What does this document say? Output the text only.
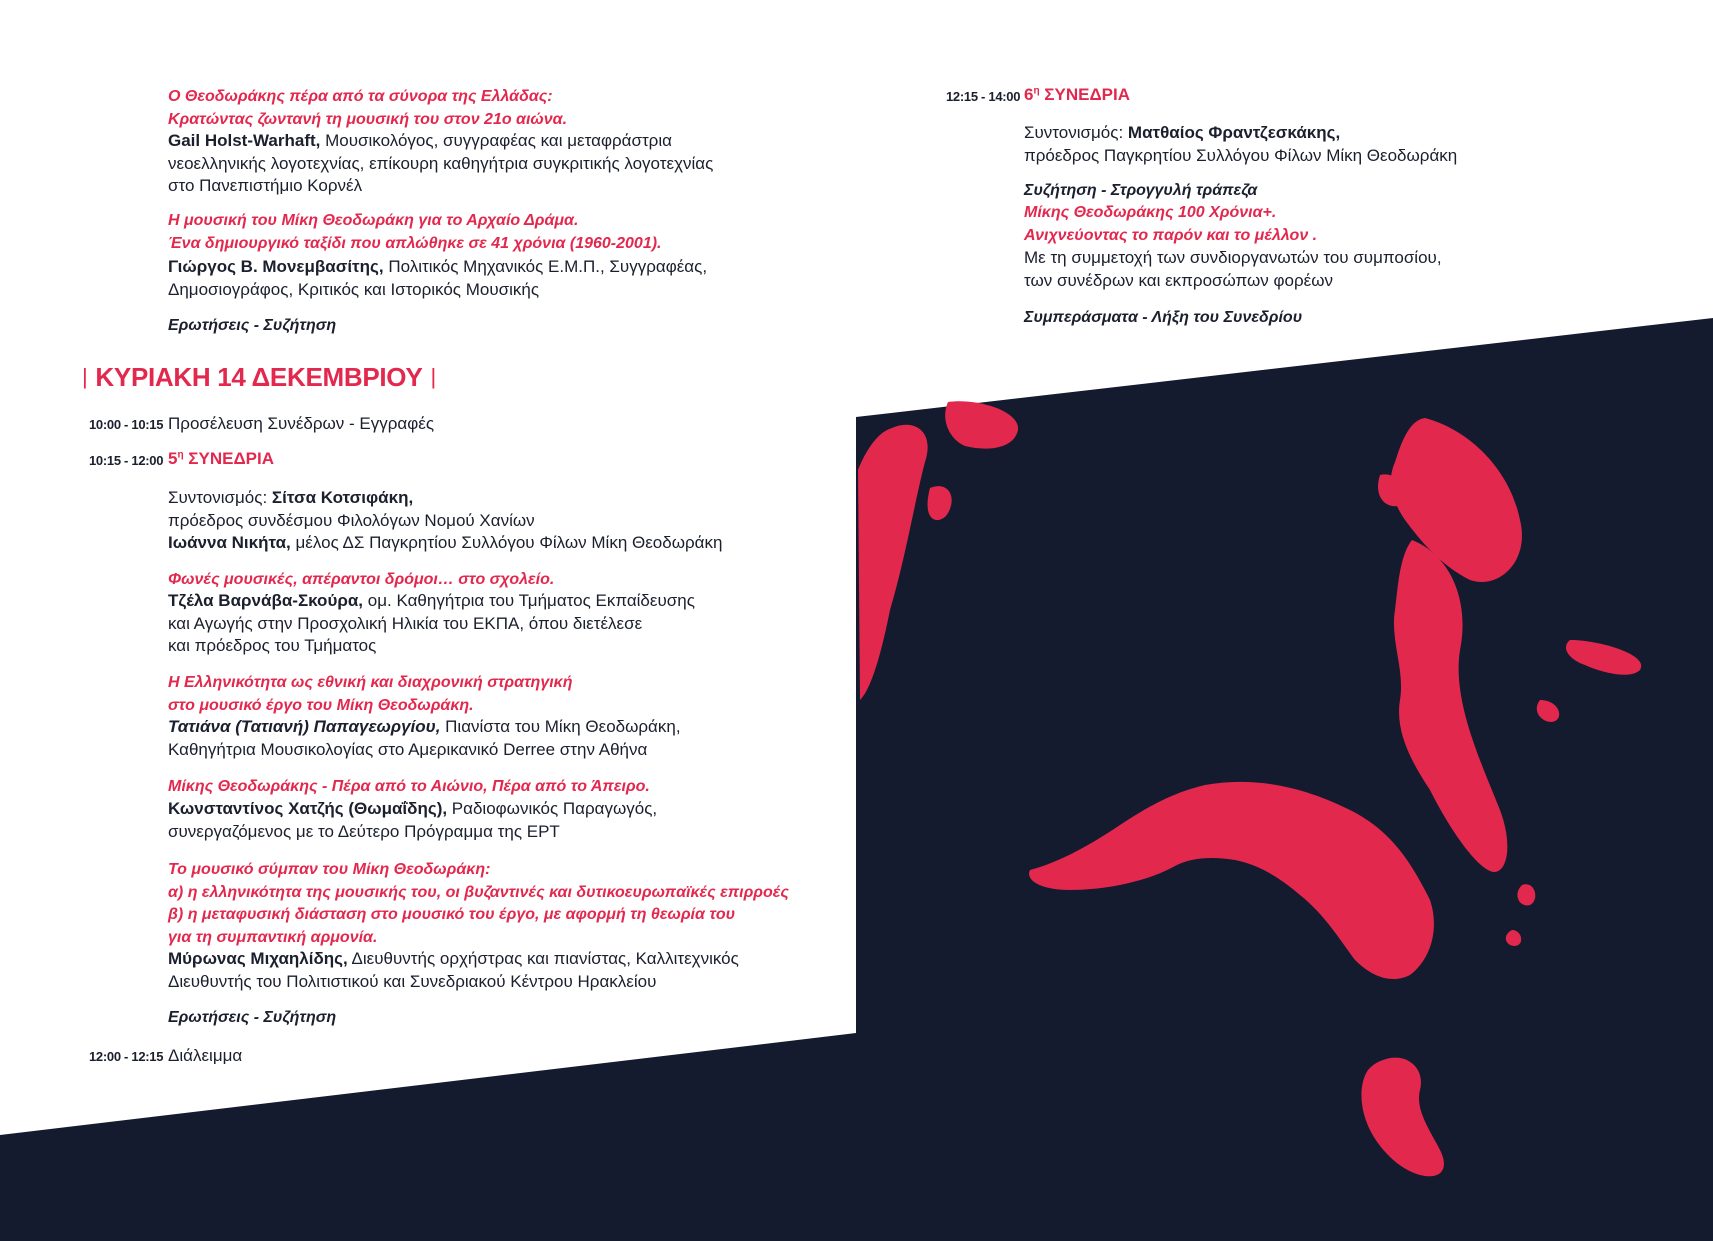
Ο Θεοδωράκης πέρα από τα σύνορα της Ελλάδας:
Κρατώντας ζωντανή τη μουσική του στον 21ο αιώνα.
Gail Holst-Warhaft, Μουσικολόγος, συγγραφέας και μεταφράστρια
νεοελληνικής λογοτεχνίας, επίκουρη καθηγήτρια συγκριτικής λογοτεχνίας
στο Πανεπιστήμιο Κορνέλ
Η μουσική του Μίκη Θεοδωράκη για το Αρχαίο Δράμα.
Ένα δημιουργικό ταξίδι που απλώθηκε σε 41 χρόνια (1960-2001).
Γιώργος Β. Μονεμβασίτης, Πολιτικός Μηχανικός Ε.Μ.Π., Συγγραφέας,
Δημοσιογράφος, Κριτικός και Ιστορικός Μουσικής
Ερωτήσεις - Συζήτηση
| ΚΥΡΙΑΚΗ 14 ΔΕΚΕΜΒΡΙΟΥ |
10:00 - 10:15 Προσέλευση Συνέδρων - Εγγραφές
10:15 - 12:00 $5^\eta$ ΣΥΝΕΔΡΙΑ
Συντονισμός: Σίτσα Κοτσιφάκη,
πρόεδρος συνδέσμου Φιλολόγων Νομού Χανίων
Ιωάννα Νικήτα, μέλος ΔΣ Παγκρητίου Συλλόγου Φίλων Μίκη Θεοδωράκη
Φωνές μουσικές, απέραντοι δρόμοι… στο σχολείο.
Τζέλα Βαρνάβα-Σκούρα, ομ. Καθηγήτρια του Τμήματος Εκπαίδευσης
και Αγωγής στην Προσχολική Ηλικία του ΕΚΠΑ, όπου διετέλεσε
και πρόεδρος του Τμήματος
Η Ελληνικότητα ως εθνική και διαχρονική στρατηγική
στο μουσικό έργο του Μίκη Θεοδωράκη.
Τατιάνα (Τατιανή) Παπαγεωργίου, Πιανίστα του Μίκη Θεοδωράκη,
Καθηγήτρια Μουσικολογίας στο Αμερικανικό Derree στην Αθήνα
Μίκης Θεοδωράκης - Πέρα από το Αιώνιο, Πέρα από το Άπειρο.
Κωνσταντίνος Χατζής (Θωμαΐδης), Ραδιοφωνικός Παραγωγός,
συνεργαζόμενος με το Δεύτερο Πρόγραμμα της ΕΡΤ
Το μουσικό σύμπαν του Μίκη Θεοδωράκη:
α) η ελληνικότητα της μουσικής του, οι βυζαντινές και δυτικοευρωπαϊκές επιρροές
β) η μεταφυσική διάσταση στο μουσικό του έργο, με αφορμή τη θεωρία του
για τη συμπαντική αρμονία.
Μύρωνας Μιχαηλίδης, Διευθυντής ορχήστρας και πιανίστας, Καλλιτεχνικός
Διευθυντής του Πολιτιστικού και Συνεδριακού Κέντρου Ηρακλείου
Ερωτήσεις - Συζήτηση
12:00 - 12:15 Διάλειμμα
12:15 - 14:00 $6^\eta$ ΣΥΝΕΔΡΙΑ
Συντονισμός: Ματθαίος Φραντζεσκάκης,
πρόεδρος Παγκρητίου Συλλόγου Φίλων Μίκη Θεοδωράκη
Συζήτηση - Στρογγυλή τράπεζα
Μίκης Θεοδωράκης 100 Χρόνια+.
Ανιχνεύοντας το παρόν και το μέλλον .
Με τη συμμετοχή των συνδιοργανωτών του συμποσίου,
των συνέδρων και εκπροσώπων φορέων
Συμπεράσματα - Λήξη του Συνεδρίου
